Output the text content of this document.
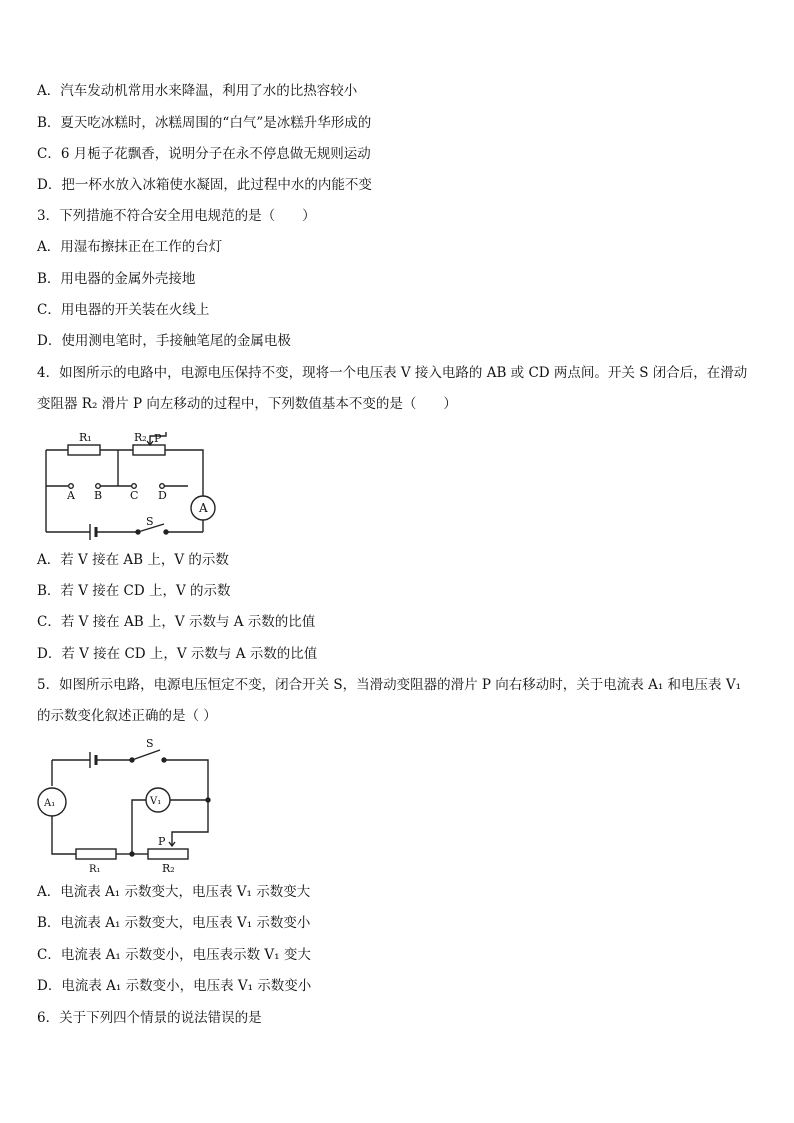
A．汽车发动机常用水来降温，利用了水的比热容较小
B．夏天吃冰糕时，冰糕周围的“白气”是冰糕升华形成的
C．6 月栀子花飘香，说明分子在永不停息做无规则运动
D．把一杯水放入冰箱使水凝固，此过程中水的内能不变
3．下列措施不符合安全用电规范的是（　　）
A．用湿布擦抹正在工作的台灯
B．用电器的金属外壳接地
C．用电器的开关装在火线上
D．使用测电笔时，手接触笔尾的金属电极
4．如图所示的电路中，电源电压保持不变，现将一个电压表 V 接入电路的 AB 或 CD 两点间。开关 S 闭合后，在滑动
变阻器 R₂ 滑片 P 向左移动的过程中，下列数值基本不变的是（　　）
R₁	R₂ P
A B	C D
A
S
A．若 V 接在 AB 上，V 的示数
B．若 V 接在 CD 上，V 的示数
C．若 V 接在 AB 上，V 示数与 A 示数的比值
D．若 V 接在 CD 上，V 示数与 A 示数的比值
5．如图所示电路，电源电压恒定不变，闭合开关 S，当滑动变阻器的滑片 P 向右移动时，关于电流表 A₁ 和电压表 V₁
的示数变化叙述正确的是（ ）
S
A₁	V₁
R₁	R₂
P
A．电流表 A₁ 示数变大，电压表 V₁ 示数变大
B．电流表 A₁ 示数变大，电压表 V₁ 示数变小
C．电流表 A₁ 示数变小，电压表示数 V₁ 变大
D．电流表 A₁ 示数变小，电压表 V₁ 示数变小
6．关于下列四个情景的说法错误的是
